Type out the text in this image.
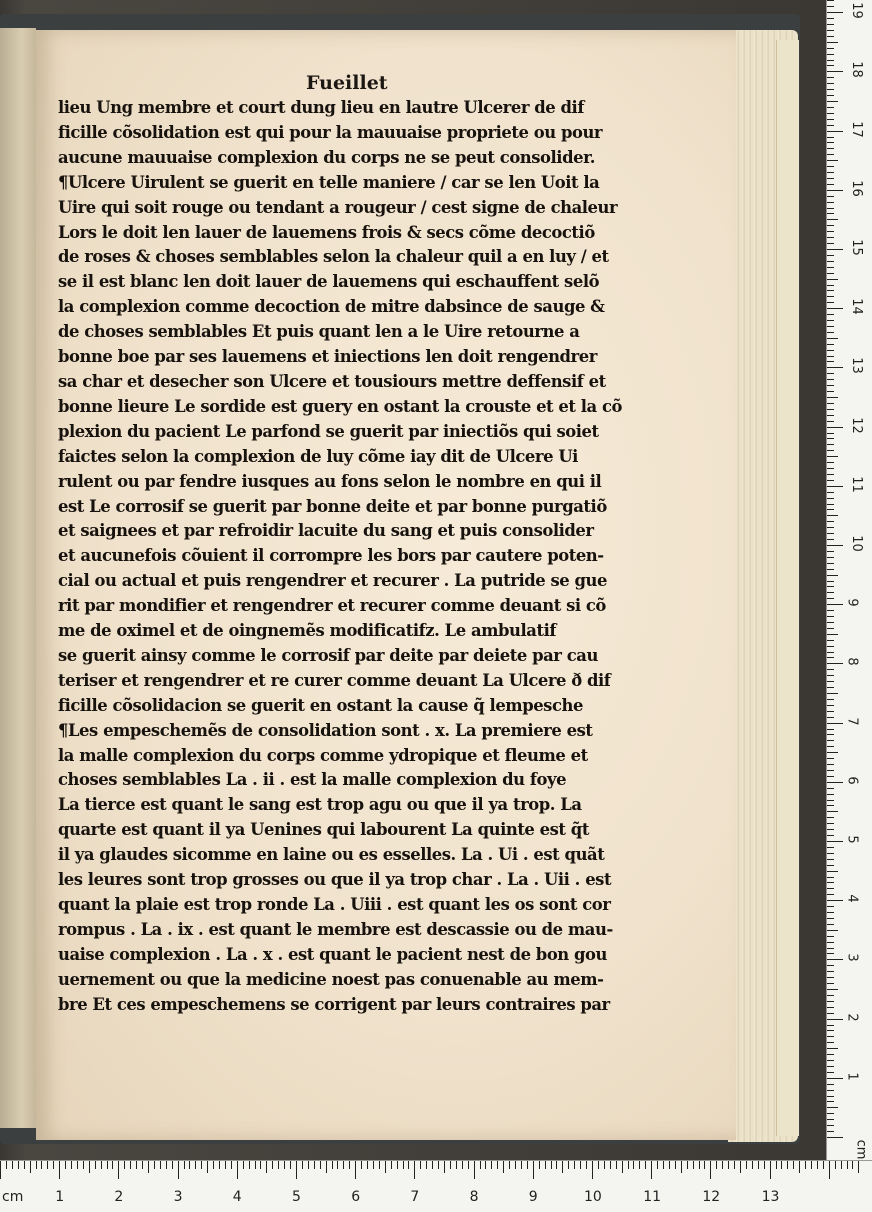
Fueillet
lieu Ung membre et court dung lieu en lautre Ulcerer de dif
ficille cõsolidation est qui pour la mauuaise propriete ou pour
aucune mauuaise complexion du corps ne se peut consolider.
¶Ulcere Uirulent se guerit en telle maniere / car se len Uoit la
Uire qui soit rouge ou tendant a rougeur / cest signe de chaleur
Lors le doit len lauer de lauemens frois & secs cõme decoctiõ
de roses & choses semblables selon la chaleur quil a en luy / et
se il est blanc len doit lauer de lauemens qui eschauffent selõ
la complexion comme decoction de mitre dabsince de sauge &
de choses semblables Et puis quant len a le Uire retourne a
bonne boe par ses lauemens et iniections len doit rengendrer
sa char et desecher son Ulcere et tousiours mettre deffensif et
bonne lieure Le sordide est guery en ostant la crouste et et la cõ
plexion du pacient Le parfond se guerit par iniectiõs qui soiet
faictes selon la complexion de luy cõme iay dit de Ulcere Ui
rulent ou par fendre iusques au fons selon le nombre en qui il
est Le corrosif se guerit par bonne deite et par bonne purgatiõ
et saignees et par refroidir lacuite du sang et puis consolider
et aucunefois cõuient il corrompre les bors par cautere poten-
cial ou actual et puis rengendrer et recurer . La putride se gue
rit par mondifier et rengendrer et recurer comme deuant si cõ
me de oximel et de oingnemẽs modificatifz. Le ambulatif
se guerit ainsy comme le corrosif par deite par deiete par cau
teriser et rengendrer et re curer comme deuant La Ulcere ð dif
ficille cõsolidacion se guerit en ostant la cause q̃ lempesche
¶Les empeschemẽs de consolidation sont . x. La premiere est
la malle complexion du corps comme ydropique et fleume et
choses semblables La . ii . est la malle complexion du foye
La tierce est quant le sang est trop agu ou que il ya trop. La
quarte est quant il ya Uenines qui labourent La quinte est q̃t
il ya glaudes sicomme en laine ou es esselles. La . Ui . est quãt
les leures sont trop grosses ou que il ya trop char . La . Uii . est
quant la plaie est trop ronde La . Uiii . est quant les os sont cor
rompus . La . ix . est quant le membre est descassie ou de mau-
uaise complexion . La . x . est quant le pacient nest de bon gou
uernement ou que la medicine noest pas conuenable au mem-
bre Et ces empeschemens se corrigent par leurs contraires par
cm
cm
19
18
17
16
15
14
13
12
11
10
9
8
7
6
5
4
3
2
1
1	2	3	4	5	6	7	8	9	10	11	12	13
